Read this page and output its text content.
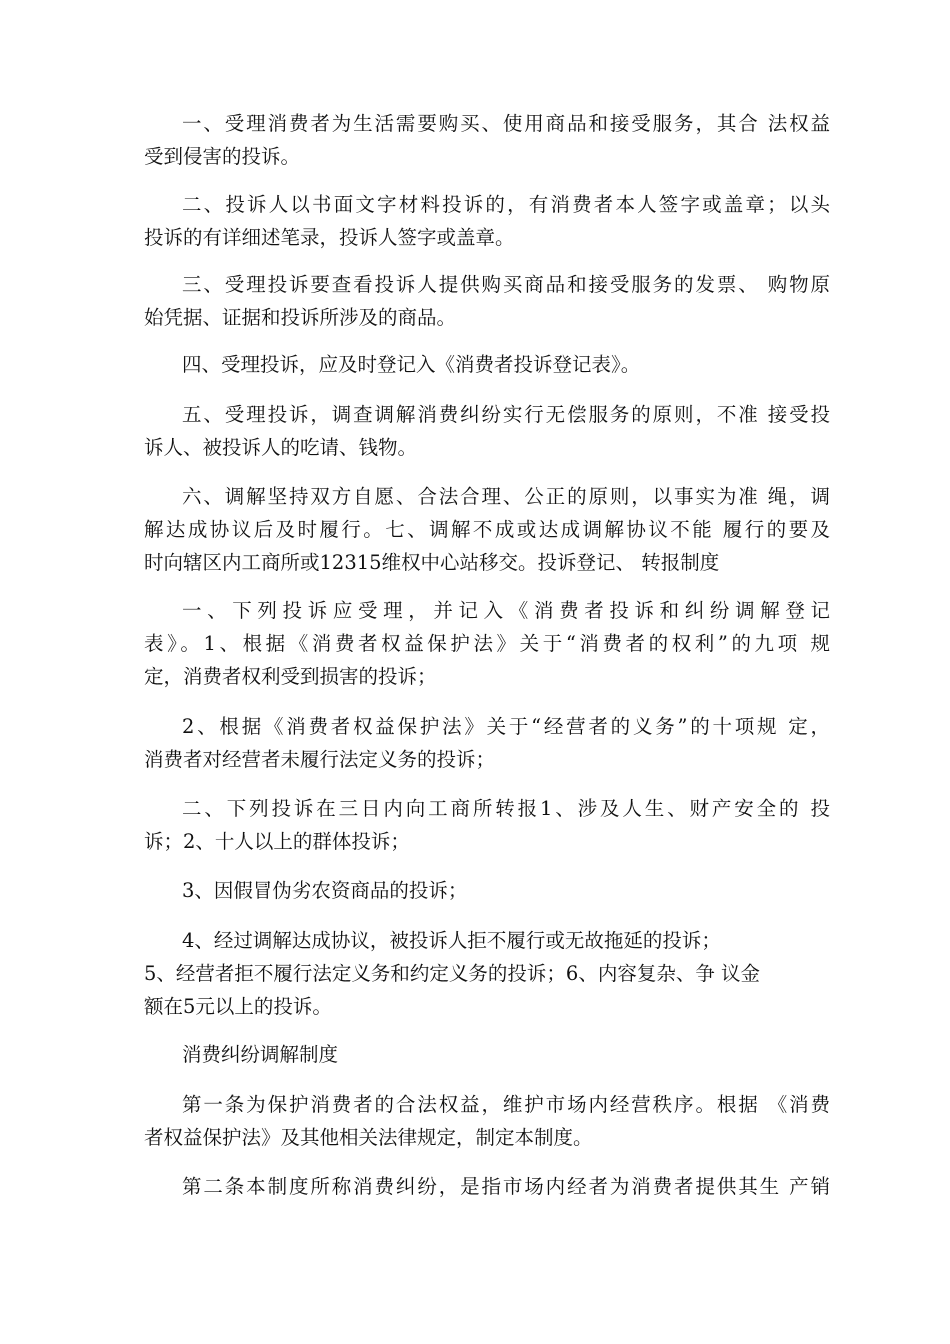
一、受理消费者为生活需要购买、使用商品和接受服务，其合 法权益
受到侵害的投诉。

二、投诉人以书面文字材料投诉的，有消费者本人签字或盖章；以头
投诉的有详细述笔录，投诉人签字或盖章。

三、受理投诉要查看投诉人提供购买商品和接受服务的发票、 购物原
始凭据、证据和投诉所涉及的商品。

四、受理投诉，应及时登记入《消费者投诉登记表》。

五、受理投诉，调查调解消费纠纷实行无偿服务的原则，不准 接受投
诉人、被投诉人的吃请、钱物。

六、调解坚持双方自愿、合法合理、公正的原则，以事实为准 绳，调
解达成协议后及时履行。七、调解不成或达成调解协议不能 履行的要及
时向辖区内工商所或12315维权中心站移交。投诉登记、 转报制度

一、下列投诉应受理，并记入《消费者投诉和纠纷调解登记
表》。1、根据《消费者权益保护法》关于“消费者的权利”的九项 规
定，消费者权利受到损害的投诉；

2、根据《消费者权益保护法》关于“经营者的义务”的十项规 定，
消费者对经营者未履行法定义务的投诉；

二、下列投诉在三日内向工商所转报1、涉及人生、财产安全的 投
诉；2、十人以上的群体投诉；

3、因假冒伪劣农资商品的投诉；

4、经过调解达成协议，被投诉人拒不履行或无故拖延的投诉；
5、经营者拒不履行法定义务和约定义务的投诉；6、内容复杂、争 议金
额在5元以上的投诉。

消费纠纷调解制度

第一条为保护消费者的合法权益，维护市场内经营秩序。根据 《消费
者权益保护法》及其他相关法律规定，制定本制度。

第二条本制度所称消费纠纷，是指市场内经者为消费者提供其生 产销
